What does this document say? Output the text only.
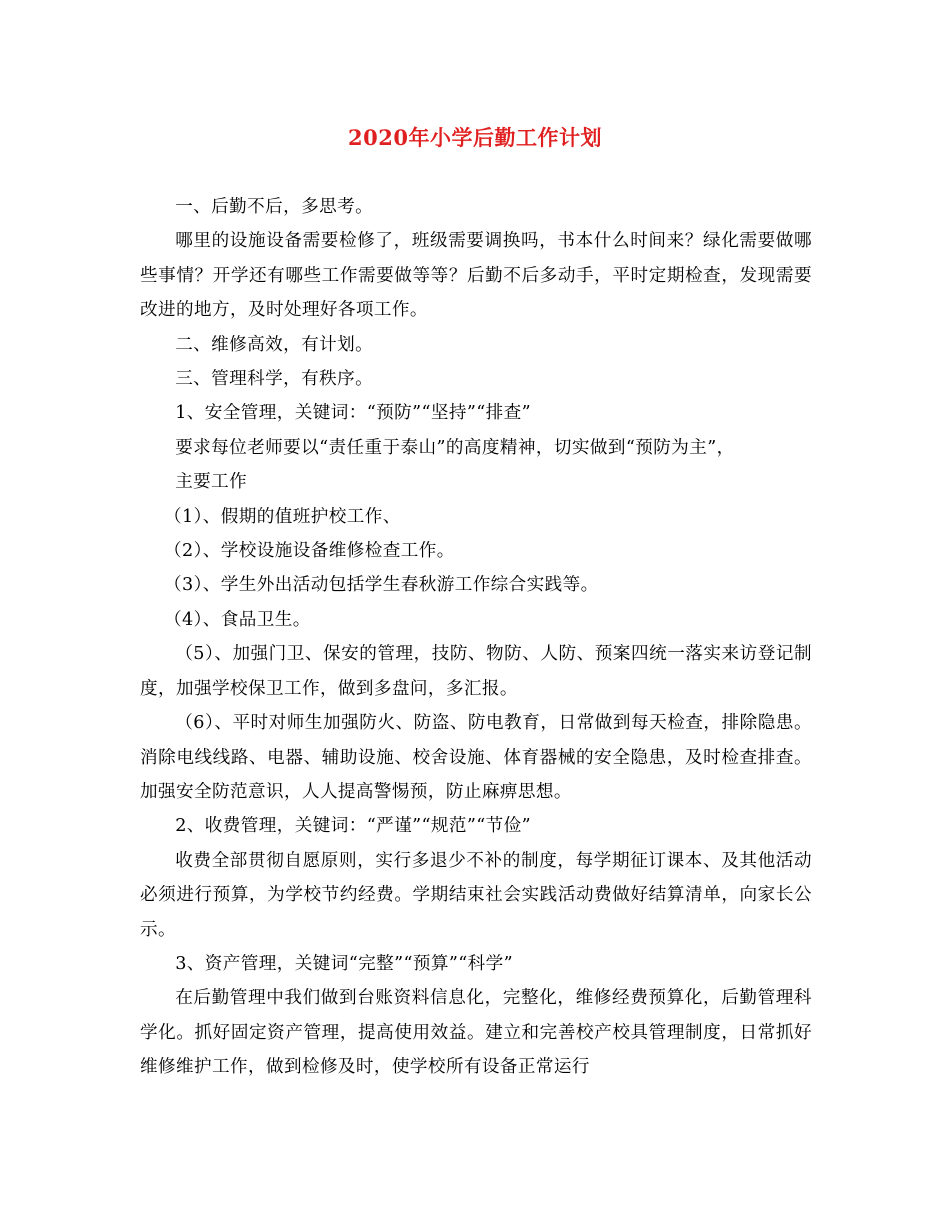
2020年小学后勤工作计划

一、后勤不后，多思考。

哪里的设施设备需要检修了，班级需要调换吗，书本什么时间来？绿化需要做哪些事情？开学还有哪些工作需要做等等？后勤不后多动手，平时定期检查，发现需要改进的地方，及时处理好各项工作。

二、维修高效，有计划。

三、管理科学，有秩序。

1、安全管理，关键词：“预防”“坚持”“排查”

要求每位老师要以“责任重于泰山”的高度精神，切实做到“预防为主”，

主要工作

（1）、假期的值班护校工作、

（2）、学校设施设备维修检查工作。

（3）、学生外出活动包括学生春秋游工作综合实践等。

（4）、食品卫生。

（5）、加强门卫、保安的管理，技防、物防、人防、预案四统一落实来访登记制度，加强学校保卫工作，做到多盘问，多汇报。

（6）、平时对师生加强防火、防盗、防电教育，日常做到每天检查，排除隐患。消除电线线路、电器、辅助设施、校舍设施、体育器械的安全隐患，及时检查排查。加强安全防范意识，人人提高警惕预，防止麻痹思想。

2、收费管理，关键词：“严谨”“规范”“节俭”

收费全部贯彻自愿原则，实行多退少不补的制度，每学期征订课本、及其他活动必须进行预算，为学校节约经费。学期结束社会实践活动费做好结算清单，向家长公示。

3、资产管理，关键词“完整”“预算”“科学”

在后勤管理中我们做到台账资料信息化，完整化，维修经费预算化，后勤管理科学化。抓好固定资产管理，提高使用效益。建立和完善校产校具管理制度，日常抓好维修维护工作，做到检修及时，使学校所有设备正常运行
